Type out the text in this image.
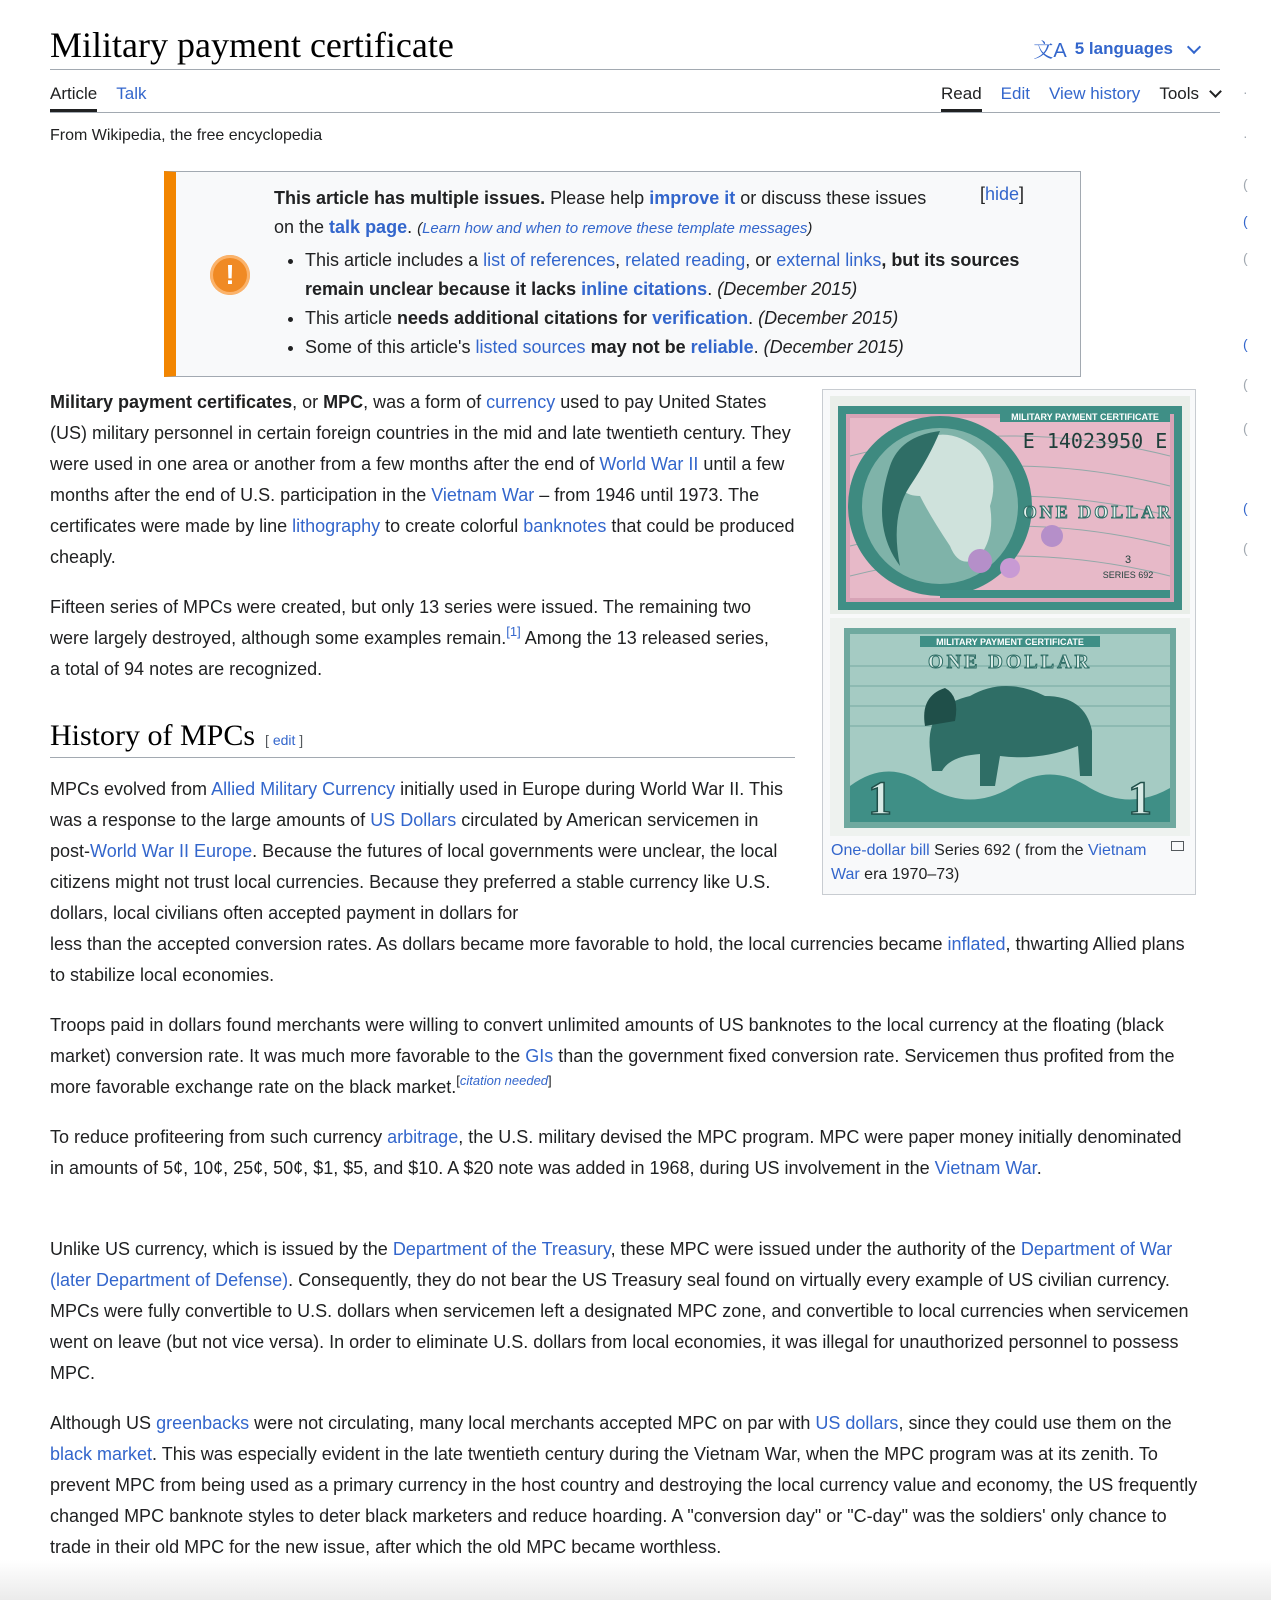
Military payment certificate	文A 5 languages
Article Talk	Read Edit View history Tools
From Wikipedia, the free encyclopedia
!
[hide]
This article has multiple issues. Please help improve it or discuss these issues
on the talk page. (Learn how and when to remove these template messages)
• This article includes a list of references, related reading, or external links, but its sources remain unclear because it lacks inline citations. (December 2015)
• This article needs additional citations for verification. (December 2015)
• Some of this article's listed sources may not be reliable. (December 2015)

Military payment certificates, or MPC, was a form of currency used to pay United States (US) military personnel in certain foreign countries in the mid and late twentieth century. They were used in one area or another from a few months after the end of World War II until a few months after the end of U.S. participation in the Vietnam War – from 1946 until 1973. The certificates were made by line lithography to create colorful banknotes that could be produced cheaply.

Fifteen series of MPCs were created, but only 13 series were issued. The remaining two were largely destroyed, although some examples remain.[1] Among the 13 released series, a total of 94 notes are recognized.

History of MPCs [ edit ]

MPCs evolved from Allied Military Currency initially used in Europe during World War II. This was a response to the large amounts of US Dollars circulated by American servicemen in post-World War II Europe. Because the futures of local governments were unclear, the local citizens might not trust local currencies. Because they preferred a stable currency like U.S. dollars, local civilians often accepted payment in dollars for
less than the accepted conversion rates. As dollars became more favorable to hold, the local currencies became inflated, thwarting Allied plans to stabilize local economies.

Troops paid in dollars found merchants were willing to convert unlimited amounts of US banknotes to the local currency at the floating (black market) conversion rate. It was much more favorable to the GIs than the government fixed conversion rate. Servicemen thus profited from the more favorable exchange rate on the black market.[citation needed]

To reduce profiteering from such currency arbitrage, the U.S. military devised the MPC program. MPC were paper money initially denominated in amounts of 5¢, 10¢, 25¢, 50¢, $1, $5, and $10. A $20 note was added in 1968, during US involvement in the Vietnam War.

Unlike US currency, which is issued by the Department of the Treasury, these MPC were issued under the authority of the Department of War (later Department of Defense). Consequently, they do not bear the US Treasury seal found on virtually every example of US civilian currency. MPCs were fully convertible to U.S. dollars when servicemen left a designated MPC zone, and convertible to local currencies when servicemen went on leave (but not vice versa). In order to eliminate U.S. dollars from local economies, it was illegal for unauthorized personnel to possess MPC.

Although US greenbacks were not circulating, many local merchants accepted MPC on par with US dollars, since they could use them on the black market. This was especially evident in the late twentieth century during the Vietnam War, when the MPC program was at its zenith. To prevent MPC from being used as a primary currency in the host country and destroying the local currency value and economy, the US frequently changed MPC banknote styles to deter black marketers and reduce hoarding. A "conversion day" or "C-day" was the soldiers' only chance to trade in their old MPC for the new issue, after which the old MPC became worthless.

MILITARY PAYMENT CERTIFICATE
E 14023950 E
ONE DOLLAR
3
SERIES 692
MILITARY PAYMENT CERTIFICATE
ONE DOLLAR
1	1
One-dollar bill Series 692 ( from the Vietnam War era 1970–73)
·
·
(
(
(
(
(
(
(
(
